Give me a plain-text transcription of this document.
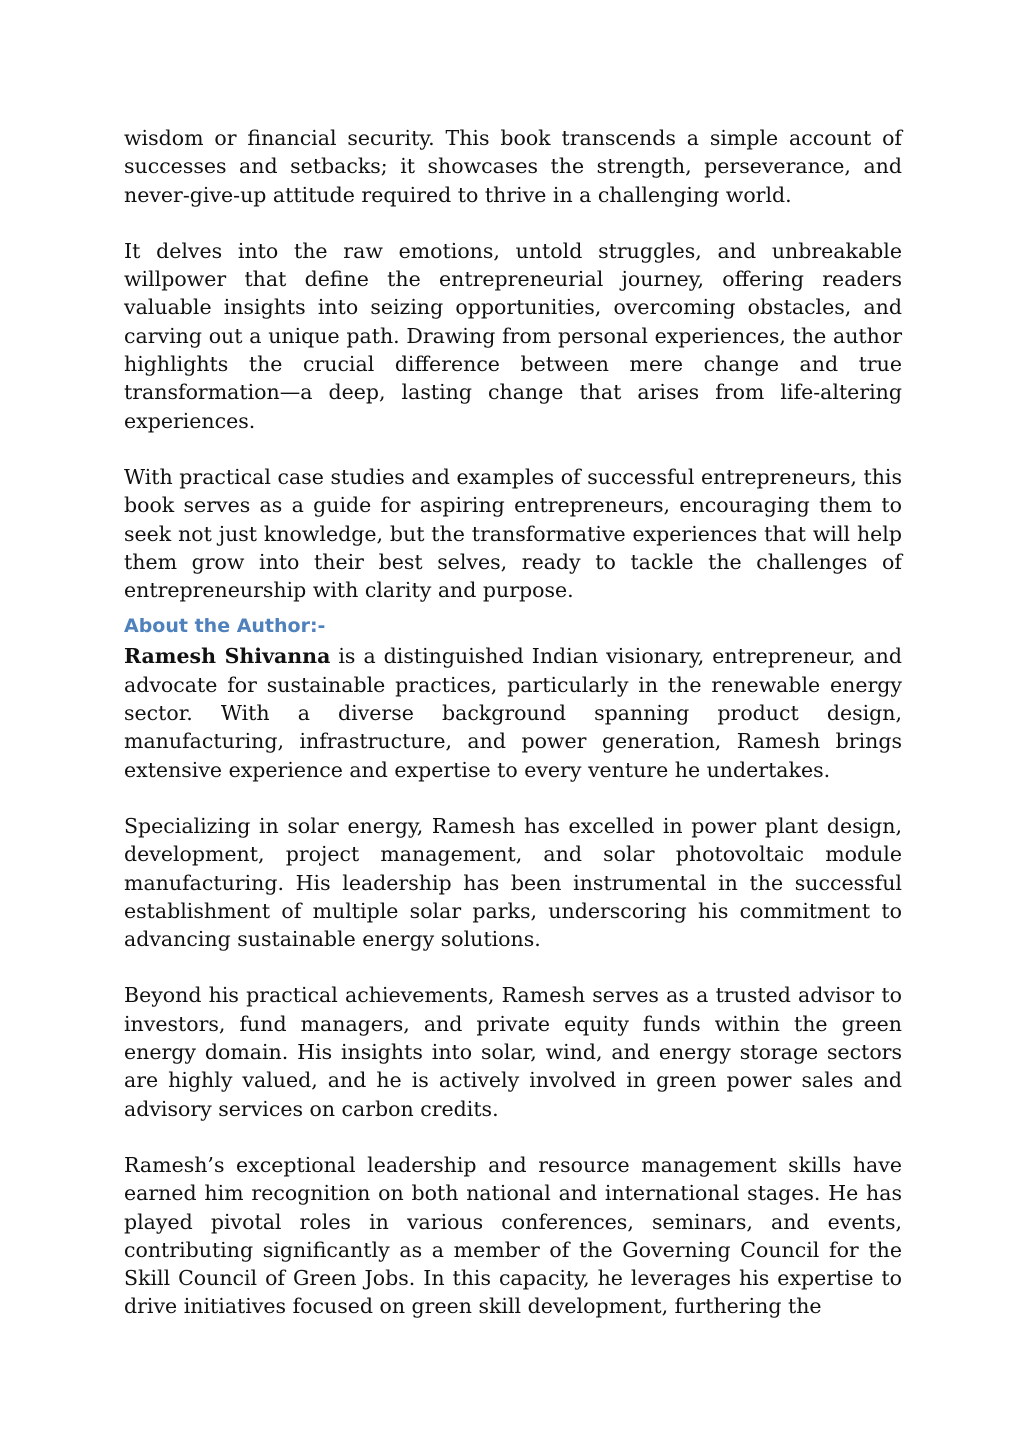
wisdom or financial security. This book transcends a simple account of successes and setbacks; it showcases the strength, perseverance, and never-give-up attitude required to thrive in a challenging world.

It delves into the raw emotions, untold struggles, and unbreakable willpower that define the entrepreneurial journey, offering readers valuable insights into seizing opportunities, overcoming obstacles, and carving out a unique path. Drawing from personal experiences, the author highlights the crucial difference between mere change and true transformation—a deep, lasting change that arises from life-altering experiences.

With practical case studies and examples of successful entrepreneurs, this book serves as a guide for aspiring entrepreneurs, encouraging them to seek not just knowledge, but the transformative experiences that will help them grow into their best selves, ready to tackle the challenges of entrepreneurship with clarity and purpose.

About the Author:-

Ramesh Shivanna is a distinguished Indian visionary, entrepreneur, and advocate for sustainable practices, particularly in the renewable energy sector. With a diverse background spanning product design, manufacturing, infrastructure, and power generation, Ramesh brings extensive experience and expertise to every venture he undertakes.

Specializing in solar energy, Ramesh has excelled in power plant design, development, project management, and solar photovoltaic module manufacturing. His leadership has been instrumental in the successful establishment of multiple solar parks, underscoring his commitment to advancing sustainable energy solutions.

Beyond his practical achievements, Ramesh serves as a trusted advisor to investors, fund managers, and private equity funds within the green energy domain. His insights into solar, wind, and energy storage sectors are highly valued, and he is actively involved in green power sales and advisory services on carbon credits.

Ramesh’s exceptional leadership and resource management skills have earned him recognition on both national and international stages. He has played pivotal roles in various conferences, seminars, and events, contributing significantly as a member of the Governing Council for the Skill Council of Green Jobs. In this capacity, he leverages his expertise to drive initiatives focused on green skill development, furthering the
